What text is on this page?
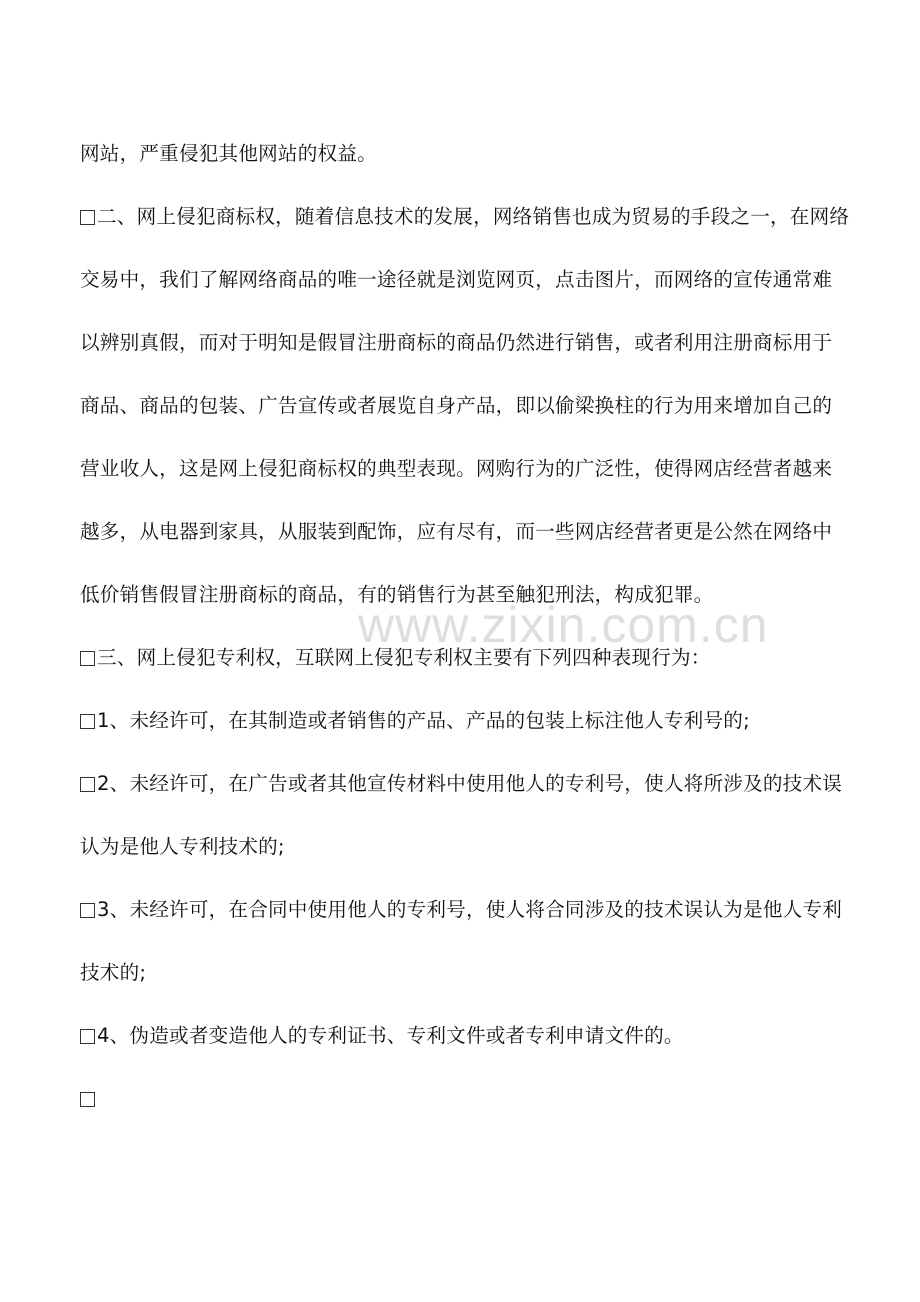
网站，严重侵犯其他网站的权益。

二、网上侵犯商标权，随着信息技术的发展，网络销售也成为贸易的手段之一，在网络交易中，我们了解网络商品的唯一途径就是浏览网页，点击图片，而网络的宣传通常难以辨别真假，而对于明知是假冒注册商标的商品仍然进行销售，或者利用注册商标用于商品、商品的包装、广告宣传或者展览自身产品，即以偷梁换柱的行为用来增加自己的营业收人，这是网上侵犯商标权的典型表现。网购行为的广泛性，使得网店经营者越来越多，从电器到家具，从服装到配饰，应有尽有，而一些网店经营者更是公然在网络中低价销售假冒注册商标的商品，有的销售行为甚至触犯刑法，构成犯罪。

三、网上侵犯专利权，互联网上侵犯专利权主要有下列四种表现行为：

1、未经许可，在其制造或者销售的产品、产品的包装上标注他人专利号的;

2、未经许可，在广告或者其他宣传材料中使用他人的专利号，使人将所涉及的技术误认为是他人专利技术的;

3、未经许可，在合同中使用他人的专利号，使人将合同涉及的技术误认为是他人专利技术的;

4、伪造或者变造他人的专利证书、专利文件或者专利申请文件的。

www.zixin.com.cn
